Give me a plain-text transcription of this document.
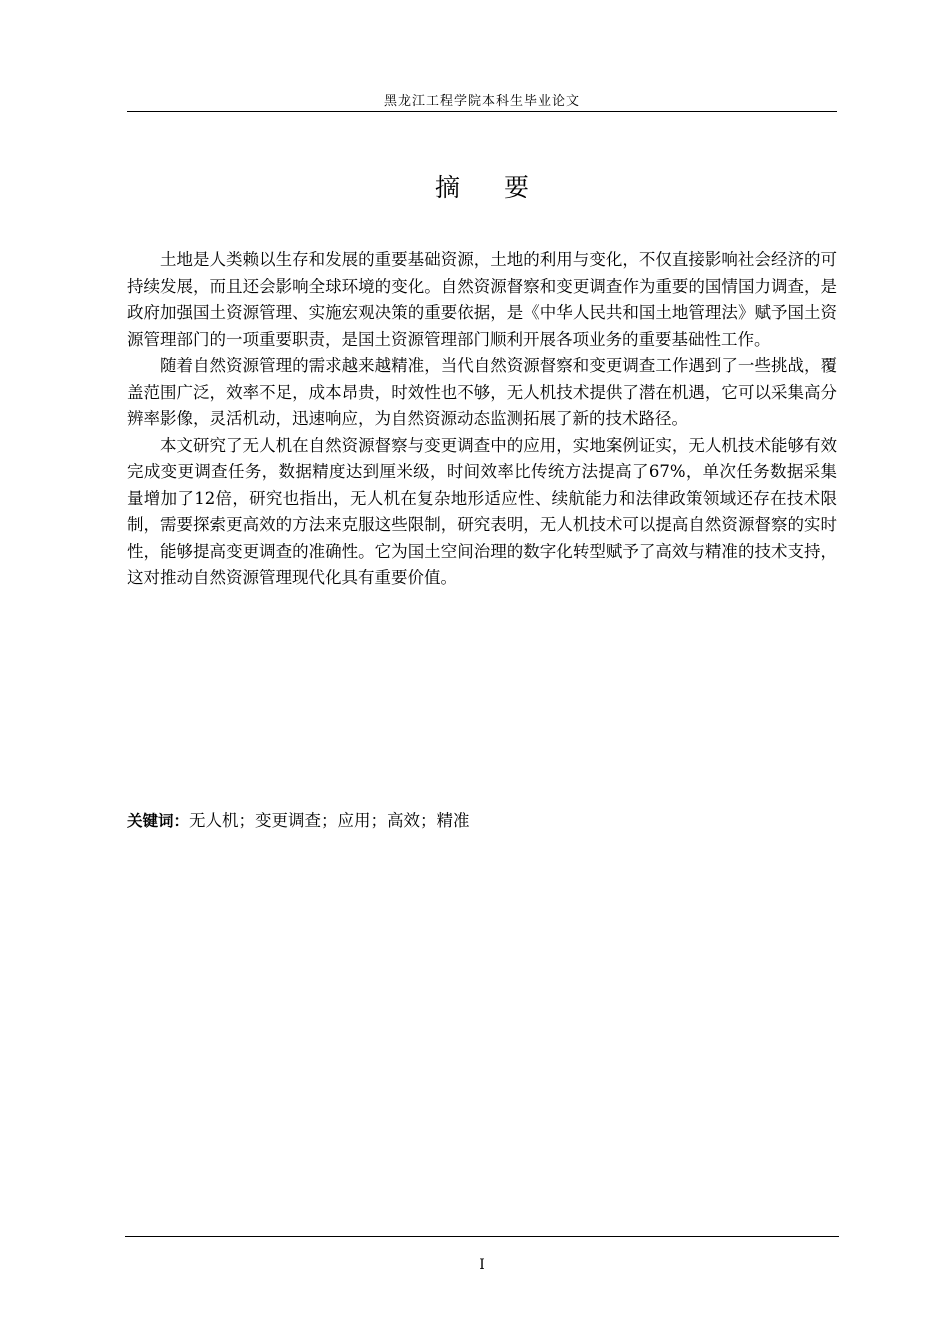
黑龙江工程学院本科生毕业论文
摘 要

土地是人类赖以生存和发展的重要基础资源，土地的利用与变化，不仅直接影响社会经济的可持续发展，而且还会影响全球环境的变化。自然资源督察和变更调查作为重要的国情国力调查，是政府加强国土资源管理、实施宏观决策的重要依据，是《中华人民共和国土地管理法》赋予国土资源管理部门的一项重要职责，是国土资源管理部门顺利开展各项业务的重要基础性工作。

随着自然资源管理的需求越来越精准，当代自然资源督察和变更调查工作遇到了一些挑战，覆盖范围广泛，效率不足，成本昂贵，时效性也不够，无人机技术提供了潜在机遇，它可以采集高分辨率影像，灵活机动，迅速响应，为自然资源动态监测拓展了新的技术路径。

本文研究了无人机在自然资源督察与变更调查中的应用，实地案例证实，无人机技术能够有效完成变更调查任务，数据精度达到厘米级，时间效率比传统方法提高了67%，单次任务数据采集量增加了12倍，研究也指出，无人机在复杂地形适应性、续航能力和法律政策领域还存在技术限制，需要探索更高效的方法来克服这些限制，研究表明，无人机技术可以提高自然资源督察的实时性，能够提高变更调查的准确性。它为国土空间治理的数字化转型赋予了高效与精准的技术支持，这对推动自然资源管理现代化具有重要价值。

关键词：无人机；变更调查；应用；高效；精准
I
